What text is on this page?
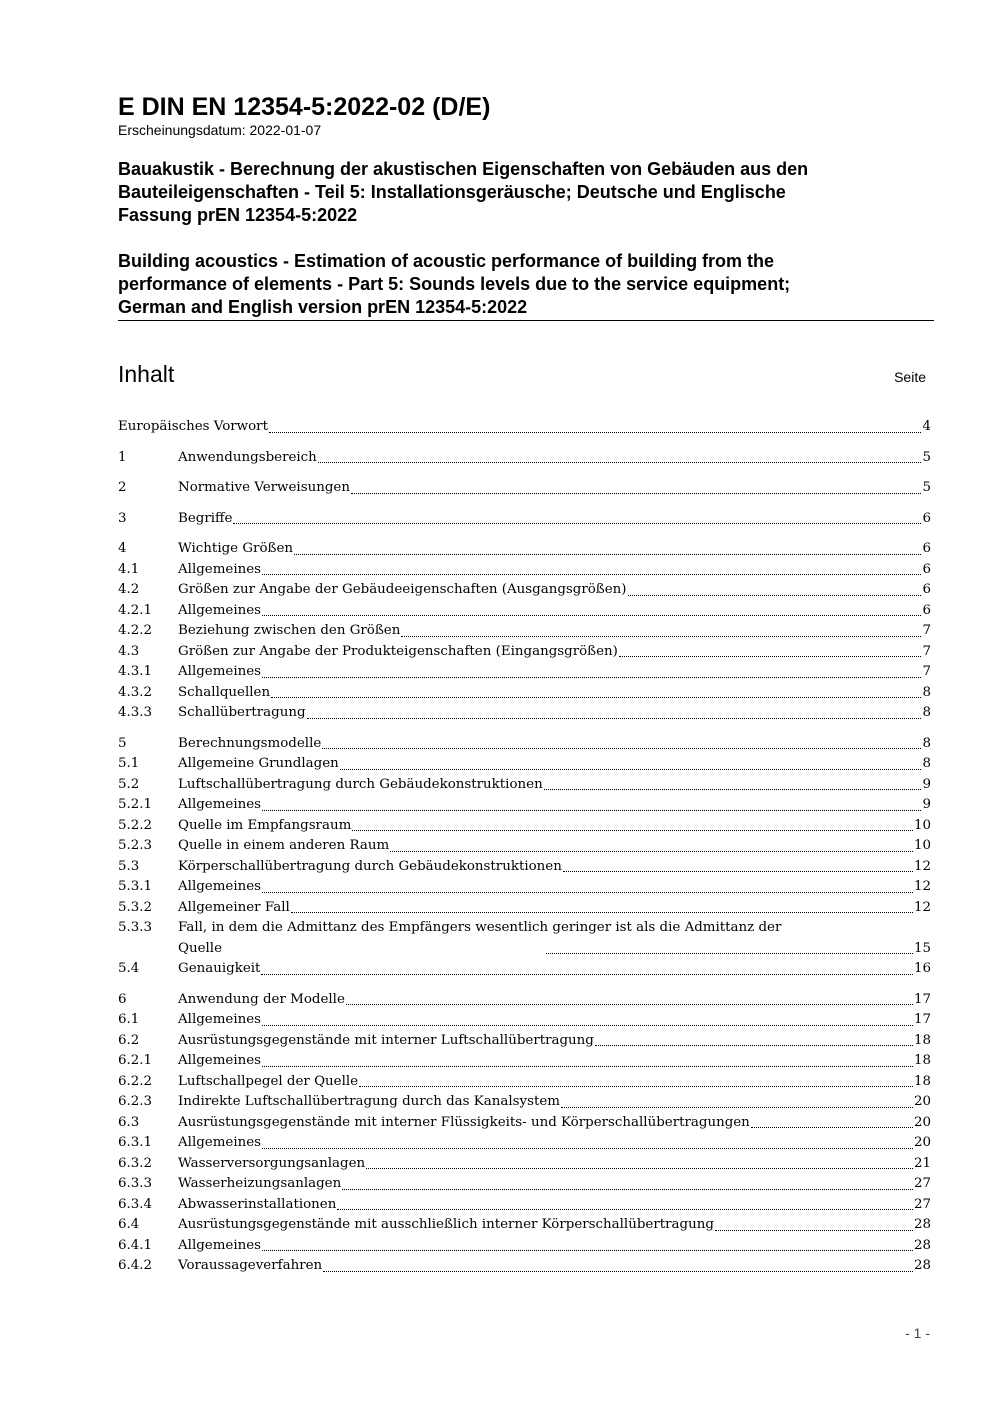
E DIN EN 12354-5:2022-02 (D/E)
Erscheinungsdatum: 2022-01-07
Bauakustik - Berechnung der akustischen Eigenschaften von Gebäuden aus den
Bauteileigenschaften - Teil 5: Installationsgeräusche; Deutsche und Englische
Fassung prEN 12354-5:2022
Building acoustics - Estimation of acoustic performance of building from the
performance of elements - Part 5: Sounds levels due to the service equipment;
German and English version prEN 12354-5:2022
Inhalt	Seite
Europäisches Vorwort	4
1	Anwendungsbereich	5
2	Normative Verweisungen	5
3	Begriffe	6
4	Wichtige Größen	6
4.1	Allgemeines	6
4.2	Größen zur Angabe der Gebäudeeigenschaften (Ausgangsgrößen)	6
4.2.1	Allgemeines	6
4.2.2	Beziehung zwischen den Größen	7
4.3	Größen zur Angabe der Produkteigenschaften (Eingangsgrößen)	7
4.3.1	Allgemeines	7
4.3.2	Schallquellen	8
4.3.3	Schallübertragung	8
5	Berechnungsmodelle	8
5.1	Allgemeine Grundlagen	8
5.2	Luftschallübertragung durch Gebäudekonstruktionen	9
5.2.1	Allgemeines	9
5.2.2	Quelle im Empfangsraum	10
5.2.3	Quelle in einem anderen Raum	10
5.3	Körperschallübertragung durch Gebäudekonstruktionen	12
5.3.1	Allgemeines	12
5.3.2	Allgemeiner Fall	12
5.3.3	Fall, in dem die Admittanz des Empfängers wesentlich geringer ist als die Admittanz der
Quelle	15
5.4	Genauigkeit	16
6	Anwendung der Modelle	17
6.1	Allgemeines	17
6.2	Ausrüstungsgegenstände mit interner Luftschallübertragung	18
6.2.1	Allgemeines	18
6.2.2	Luftschallpegel der Quelle	18
6.2.3	Indirekte Luftschallübertragung durch das Kanalsystem	20
6.3	Ausrüstungsgegenstände mit interner Flüssigkeits- und Körperschallübertragungen	20
6.3.1	Allgemeines	20
6.3.2	Wasserversorgungsanlagen	21
6.3.3	Wasserheizungsanlagen	27
6.3.4	Abwasserinstallationen	27
6.4	Ausrüstungsgegenstände mit ausschließlich interner Körperschallübertragung	28
6.4.1	Allgemeines	28
6.4.2	Voraussageverfahren	28
- 1 -
